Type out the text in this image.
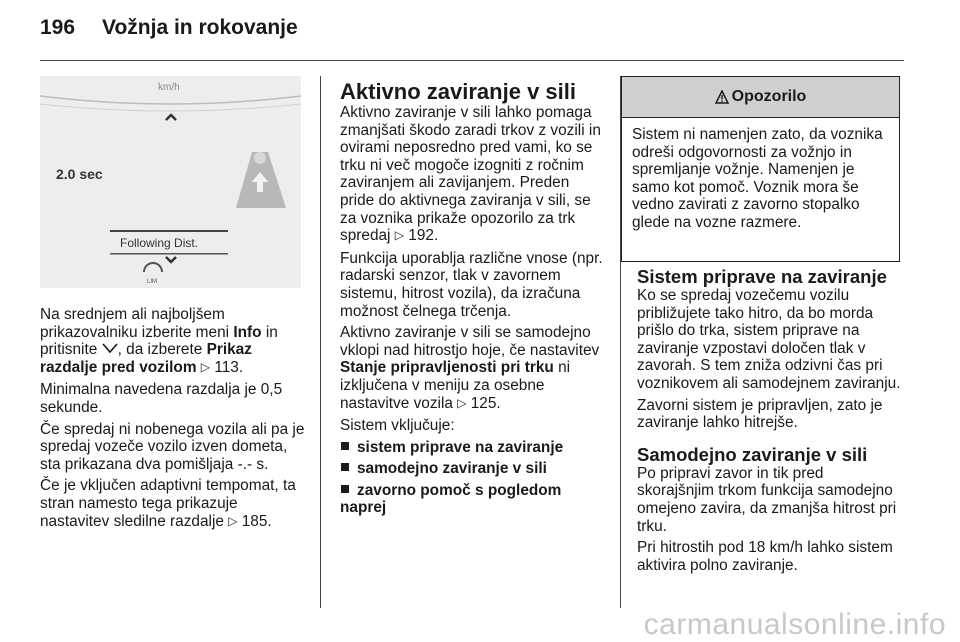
196 Vožnja in rokovanje
km/h
2.0 sec
Following Dist.
LIM

Na srednjem ali najboljšem prikazovalniku izberite meni Info in pritisnite , da izberete Prikaz razdalje pred vozilom ▷ 113.

Minimalna navedena razdalja je 0,5 sekunde.

Če spredaj ni nobenega vozila ali pa je spredaj vozeče vozilo izven dometa, sta prikazana dva pomišljaja -.- s.

Če je vključen adaptivni tempomat, ta stran namesto tega prikazuje nastavitev sledilne razdalje ▷ 185.

Aktivno zaviranje v sili

Aktivno zaviranje v sili lahko pomaga zmanjšati škodo zaradi trkov z vozili in ovirami neposredno pred vami, ko se trku ni več mogoče izogniti z ročnim zaviranjem ali zavijanjem. Preden pride do aktivnega zaviranja v sili, se za voznika prikaže opozorilo za trk spredaj ▷ 192.

Funkcija uporablja različne vnose (npr. radarski senzor, tlak v zavornem sistemu, hitrost vozila), da izračuna možnost čelnega trčenja.

Aktivno zaviranje v sili se samodejno vklopi nad hitrostjo hoje, če nastavitev Stanje pripravljenosti pri trku ni izključena v meniju za osebne nastavitve vozila ▷ 125.

Sistem vključuje:

sistem priprave na zaviranje
samodejno zaviranje v sili
zavorno pomoč s pogledom naprej
Opozorilo
Sistem ni namenjen zato, da voznika odreši odgovornosti za vožnjo in spremljanje vožnje. Namenjen je samo kot pomoč. Voznik mora še vedno zavirati z zavorno stopalko glede na vozne razmere.
Sistem priprave na zaviranje

Ko se spredaj vozečemu vozilu približujete tako hitro, da bo morda prišlo do trka, sistem priprave na zaviranje vzpostavi določen tlak v zavorah. S tem zniža odzivni čas pri voznikovem ali samodejnem zaviranju.

Zavorni sistem je pripravljen, zato je zaviranje lahko hitrejše.

Samodejno zaviranje v sili

Po pripravi zavor in tik pred skorajšnjim trkom funkcija samodejno omejeno zavira, da zmanjša hitrost pri trku.

Pri hitrostih pod 18 km/h lahko sistem aktivira polno zaviranje.

carmanualsonline.info
